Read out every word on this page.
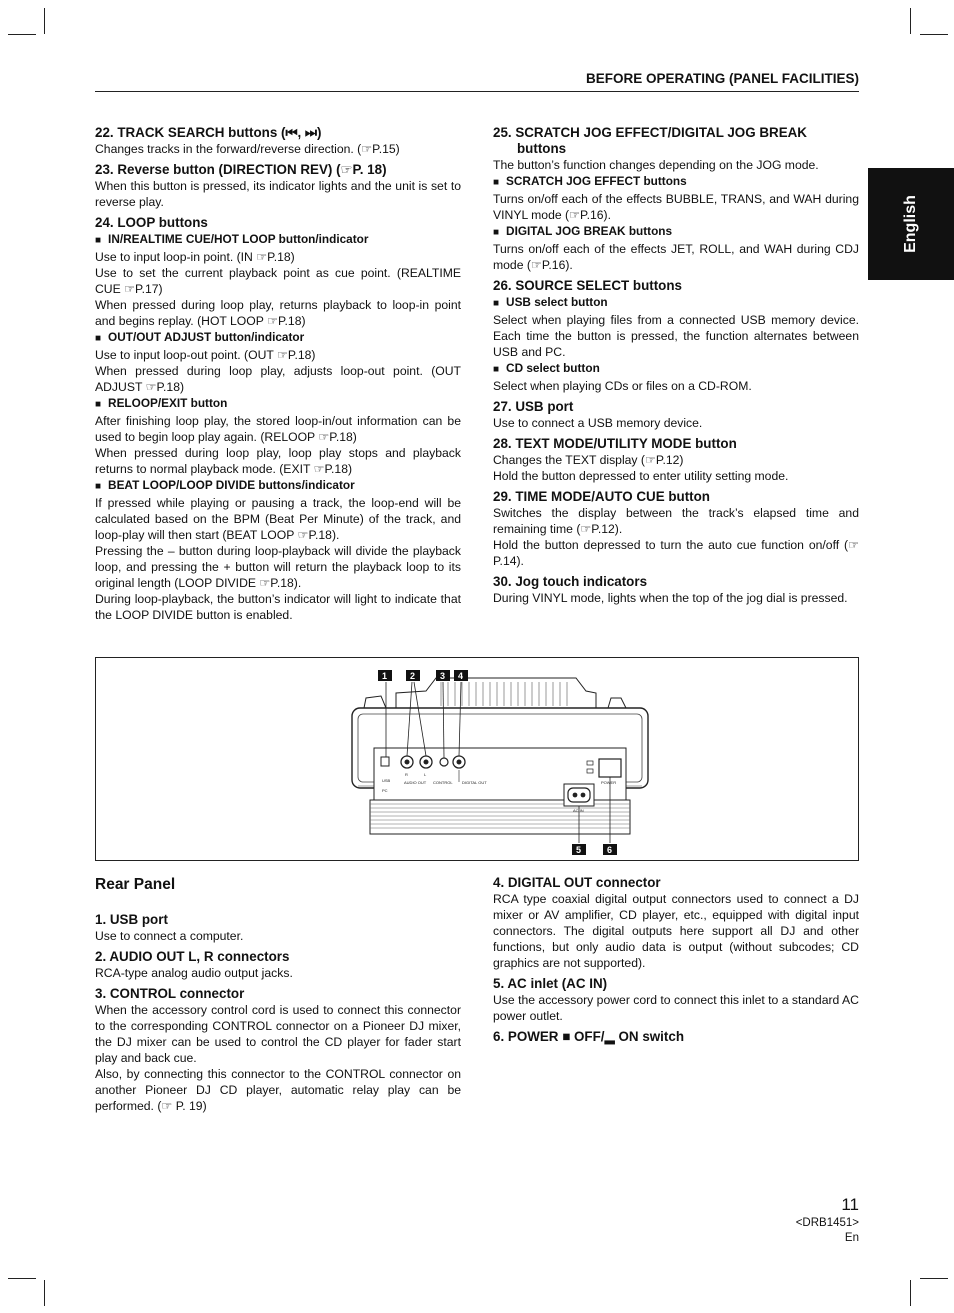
BEFORE OPERATING (PANEL FACILITIES)
English
22. TRACK SEARCH buttons (⏮, ⏭)

Changes tracks in the forward/reverse direction. (☞P.15)

23. Reverse button (DIRECTION REV) (☞P. 18)

When this button is pressed, its indicator lights and the unit is set to reverse play.

24. LOOP buttons

■ IN/REALTIME CUE/HOT LOOP button/indicator

Use to input loop-in point. (IN ☞P.18)

Use to set the current playback point as cue point. (REALTIME CUE ☞P.17)

When pressed during loop play, returns playback to loop-in point and begins replay. (HOT LOOP ☞P.18)

■ OUT/OUT ADJUST button/indicator

Use to input loop-out point. (OUT ☞P.18)

When pressed during loop play, adjusts loop-out point. (OUT ADJUST ☞P.18)

■ RELOOP/EXIT button

After finishing loop play, the stored loop-in/out information can be used to begin loop play again. (RELOOP ☞P.18)

When pressed during loop play, loop play stops and playback returns to normal playback mode. (EXIT ☞P.18)

■ BEAT LOOP/LOOP DIVIDE buttons/indicator

If pressed while playing or pausing a track, the loop-end will be calculated based on the BPM (Beat Per Minute) of the track, and loop-play will then start (BEAT LOOP ☞P.18).

Pressing the – button during loop-playback will divide the playback loop, and pressing the + button will return the playback loop to its original length (LOOP DIVIDE ☞P.18).

During loop-playback, the button’s indicator will light to indicate that the LOOP DIVIDE button is enabled.

25. SCRATCH JOG EFFECT/DIGITAL JOG BREAK buttons

The button’s function changes depending on the JOG mode.

■ SCRATCH JOG EFFECT buttons

Turns on/off each of the effects BUBBLE, TRANS, and WAH during VINYL mode (☞P.16).

■ DIGITAL JOG BREAK buttons

Turns on/off each of the effects JET, ROLL, and WAH during CDJ mode (☞P.16).

26. SOURCE SELECT buttons

■ USB select button

Select when playing files from a connected USB memory device. Each time the button is pressed, the function alternates between USB and PC.

■ CD select button

Select when playing CDs or files on a CD-ROM.

27. USB port

Use to connect a USB memory device.

28. TEXT MODE/UTILITY MODE button

Changes the TEXT display (☞P.12)

Hold the button depressed to enter utility setting mode.

29. TIME MODE/AUTO CUE button

Switches the display between the track’s elapsed time and remaining time (☞P.12).

Hold the button depressed to turn the auto cue function on/off (☞P.14).

30. Jog touch indicators

During VINYL mode, lights when the top of the jog dial is pressed.

USB
PC
R	L
AUDIO OUT CONTROL DIGITAL OUT	POWER
AC IN
1	2	3 4
5	6
Rear Panel
1. USB port

Use to connect a computer.

2. AUDIO OUT L, R connectors

RCA-type analog audio output jacks.

3. CONTROL connector

When the accessory control cord is used to connect this connector to the corresponding CONTROL connector on a Pioneer DJ mixer, the DJ mixer can be used to control the CD player for fader start play and back cue.

Also, by connecting this connector to the CONTROL connector on another Pioneer DJ CD player, automatic relay play can be performed. (☞ P. 19)

4. DIGITAL OUT connector

RCA type coaxial digital output connectors used to connect a DJ mixer or AV amplifier, CD player, etc., equipped with digital input connectors. The digital outputs here support all DJ and other functions, but only audio data is output (without subcodes; CD graphics are not supported).

5. AC inlet (AC IN)

Use the accessory power cord to connect this inlet to a standard AC power outlet.

6. POWER ■ OFF/▂ ON switch
11
<DRB1451>
En
